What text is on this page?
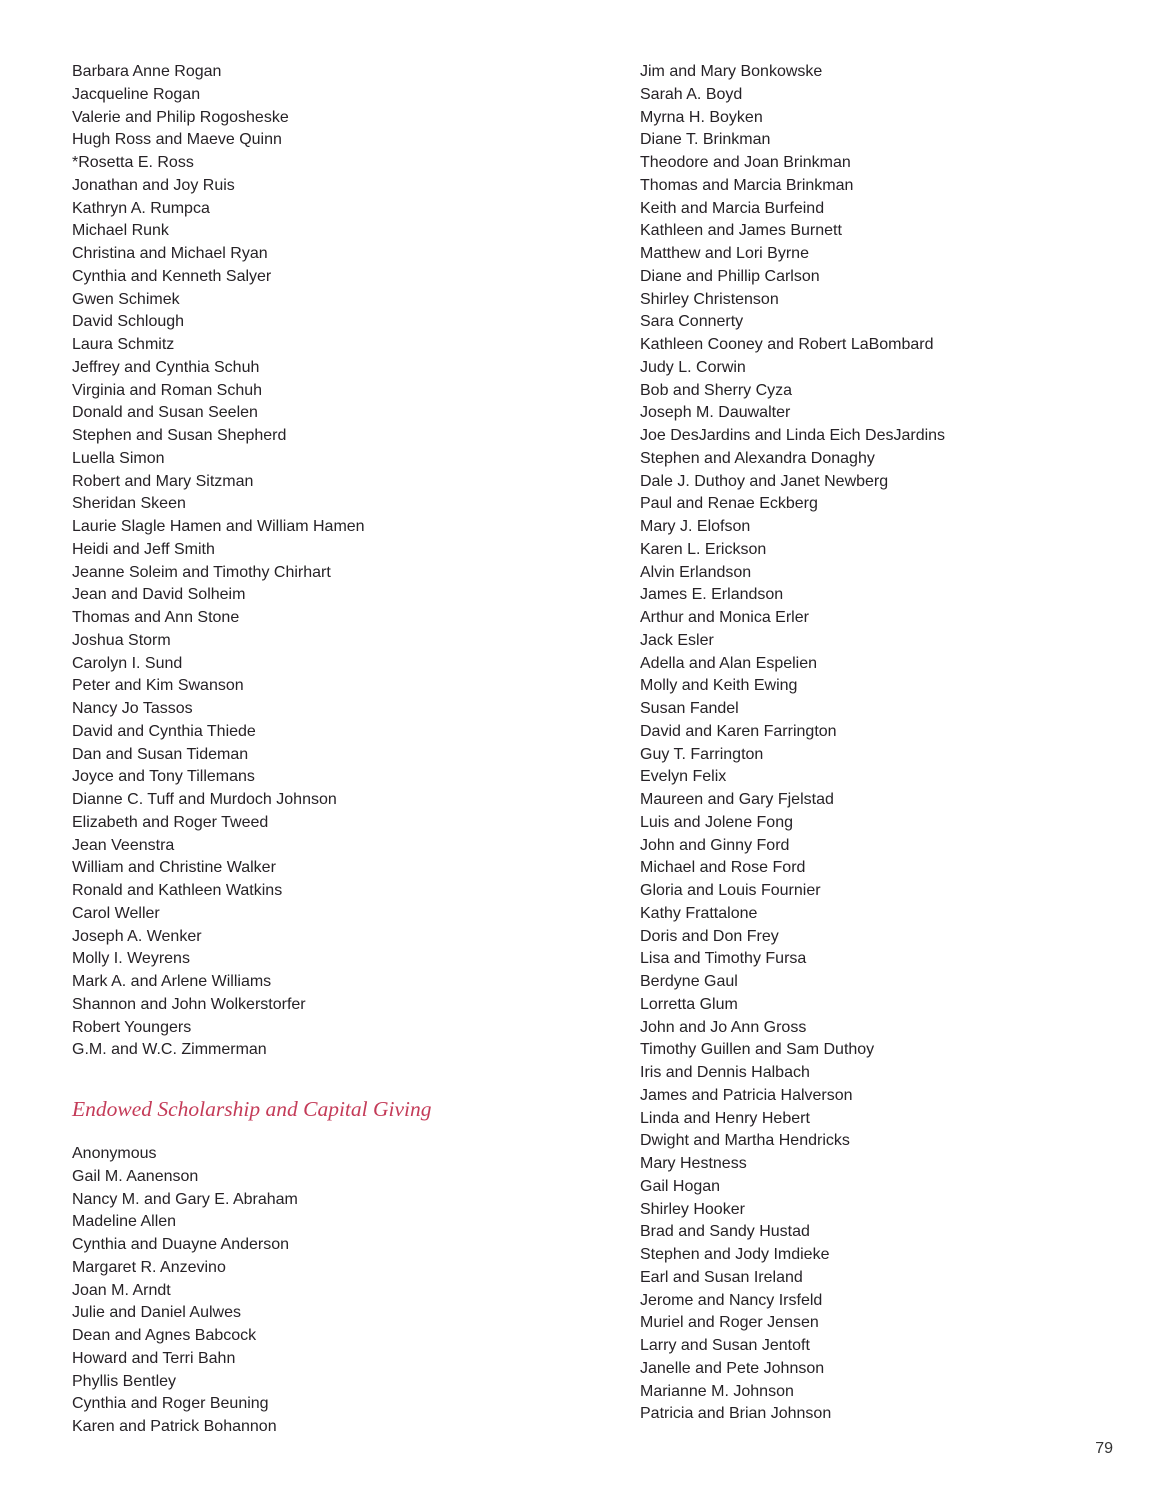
Barbara Anne Rogan
Jacqueline Rogan
Valerie and Philip Rogosheske
Hugh Ross and Maeve Quinn
*Rosetta E. Ross
Jonathan and Joy Ruis
Kathryn A. Rumpca
Michael Runk
Christina and Michael Ryan
Cynthia and Kenneth Salyer
Gwen Schimek
David Schlough
Laura Schmitz
Jeffrey and Cynthia Schuh
Virginia and Roman Schuh
Donald and Susan Seelen
Stephen and Susan Shepherd
Luella Simon
Robert and Mary Sitzman
Sheridan Skeen
Laurie Slagle Hamen and William Hamen
Heidi and Jeff Smith
Jeanne Soleim and Timothy Chirhart
Jean and David Solheim
Thomas and Ann Stone
Joshua Storm
Carolyn I. Sund
Peter and Kim Swanson
Nancy Jo Tassos
David and Cynthia Thiede
Dan and Susan Tideman
Joyce and Tony Tillemans
Dianne C. Tuff and Murdoch Johnson
Elizabeth and Roger Tweed
Jean Veenstra
William and Christine Walker
Ronald and Kathleen Watkins
Carol Weller
Joseph A. Wenker
Molly I. Weyrens
Mark A. and Arlene Williams
Shannon and John Wolkerstorfer
Robert Youngers
G.M. and W.C. Zimmerman
Endowed Scholarship and Capital Giving
Anonymous
Gail M. Aanenson
Nancy M. and Gary E. Abraham
Madeline Allen
Cynthia and Duayne Anderson
Margaret R. Anzevino
Joan M. Arndt
Julie and Daniel Aulwes
Dean and Agnes Babcock
Howard and Terri Bahn
Phyllis Bentley
Cynthia and Roger Beuning
Karen and Patrick Bohannon
Jim and Mary Bonkowske
Sarah A. Boyd
Myrna H. Boyken
Diane T. Brinkman
Theodore and Joan Brinkman
Thomas and Marcia Brinkman
Keith and Marcia Burfeind
Kathleen and James Burnett
Matthew and Lori Byrne
Diane and Phillip Carlson
Shirley Christenson
Sara Connerty
Kathleen Cooney and Robert LaBombard
Judy L. Corwin
Bob and Sherry Cyza
Joseph M. Dauwalter
Joe DesJardins and Linda Eich DesJardins
Stephen and Alexandra Donaghy
Dale J. Duthoy and Janet Newberg
Paul and Renae Eckberg
Mary J. Elofson
Karen L. Erickson
Alvin Erlandson
James E. Erlandson
Arthur and Monica Erler
Jack Esler
Adella and Alan Espelien
Molly and Keith Ewing
Susan Fandel
David and Karen Farrington
Guy T. Farrington
Evelyn Felix
Maureen and Gary Fjelstad
Luis and Jolene Fong
John and Ginny Ford
Michael and Rose Ford
Gloria and Louis Fournier
Kathy Frattalone
Doris and Don Frey
Lisa and Timothy Fursa
Berdyne Gaul
Lorretta Glum
John and Jo Ann Gross
Timothy Guillen and Sam Duthoy
Iris and Dennis Halbach
James and Patricia Halverson
Linda and Henry Hebert
Dwight and Martha Hendricks
Mary Hestness
Gail Hogan
Shirley Hooker
Brad and Sandy Hustad
Stephen and Jody Imdieke
Earl and Susan Ireland
Jerome and Nancy Irsfeld
Muriel and Roger Jensen
Larry and Susan Jentoft
Janelle and Pete Johnson
Marianne M. Johnson
Patricia and Brian Johnson
79
